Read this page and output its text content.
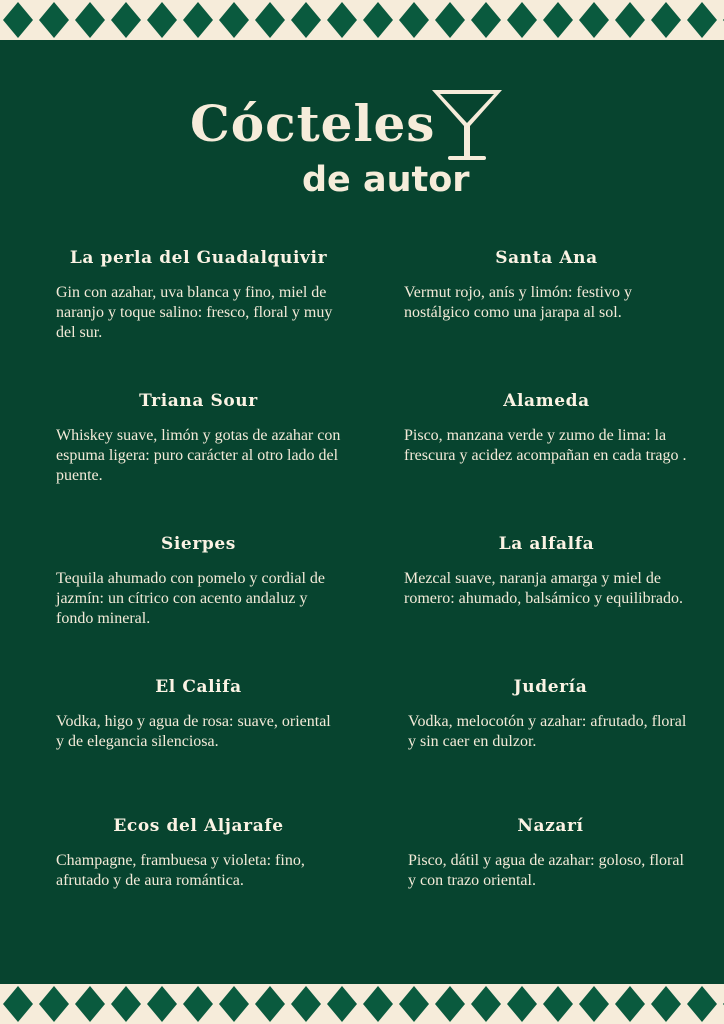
Cócteles
de autor
La perla del Guadalquivir
Gin con azahar, uva blanca y fino, miel de naranjo y toque salino: fresco, floral y muy del sur.
Triana Sour
Whiskey suave, limón y gotas de azahar con espuma ligera: puro carácter al otro lado del puente.
Sierpes
Tequila ahumado con pomelo y cordial de jazmín: un cítrico con acento andaluz y fondo mineral.
El Califa
Vodka, higo y agua de rosa: suave, oriental y de elegancia silenciosa.
Ecos del Aljarafe
Champagne, frambuesa y violeta: fino, afrutado y de aura romántica.
Santa Ana
Vermut rojo, anís y limón: festivo y nostálgico como una jarapa al sol.
Alameda
Pisco, manzana verde y zumo de lima: la frescura y acidez acompañan en cada trago .
La alfalfa
Mezcal suave, naranja amarga y miel de romero: ahumado, balsámico y equilibrado.
Judería
Vodka, melocotón y azahar: afrutado, floral y sin caer en dulzor.
Nazarí
Pisco, dátil y agua de azahar: goloso, floral y con trazo oriental.
